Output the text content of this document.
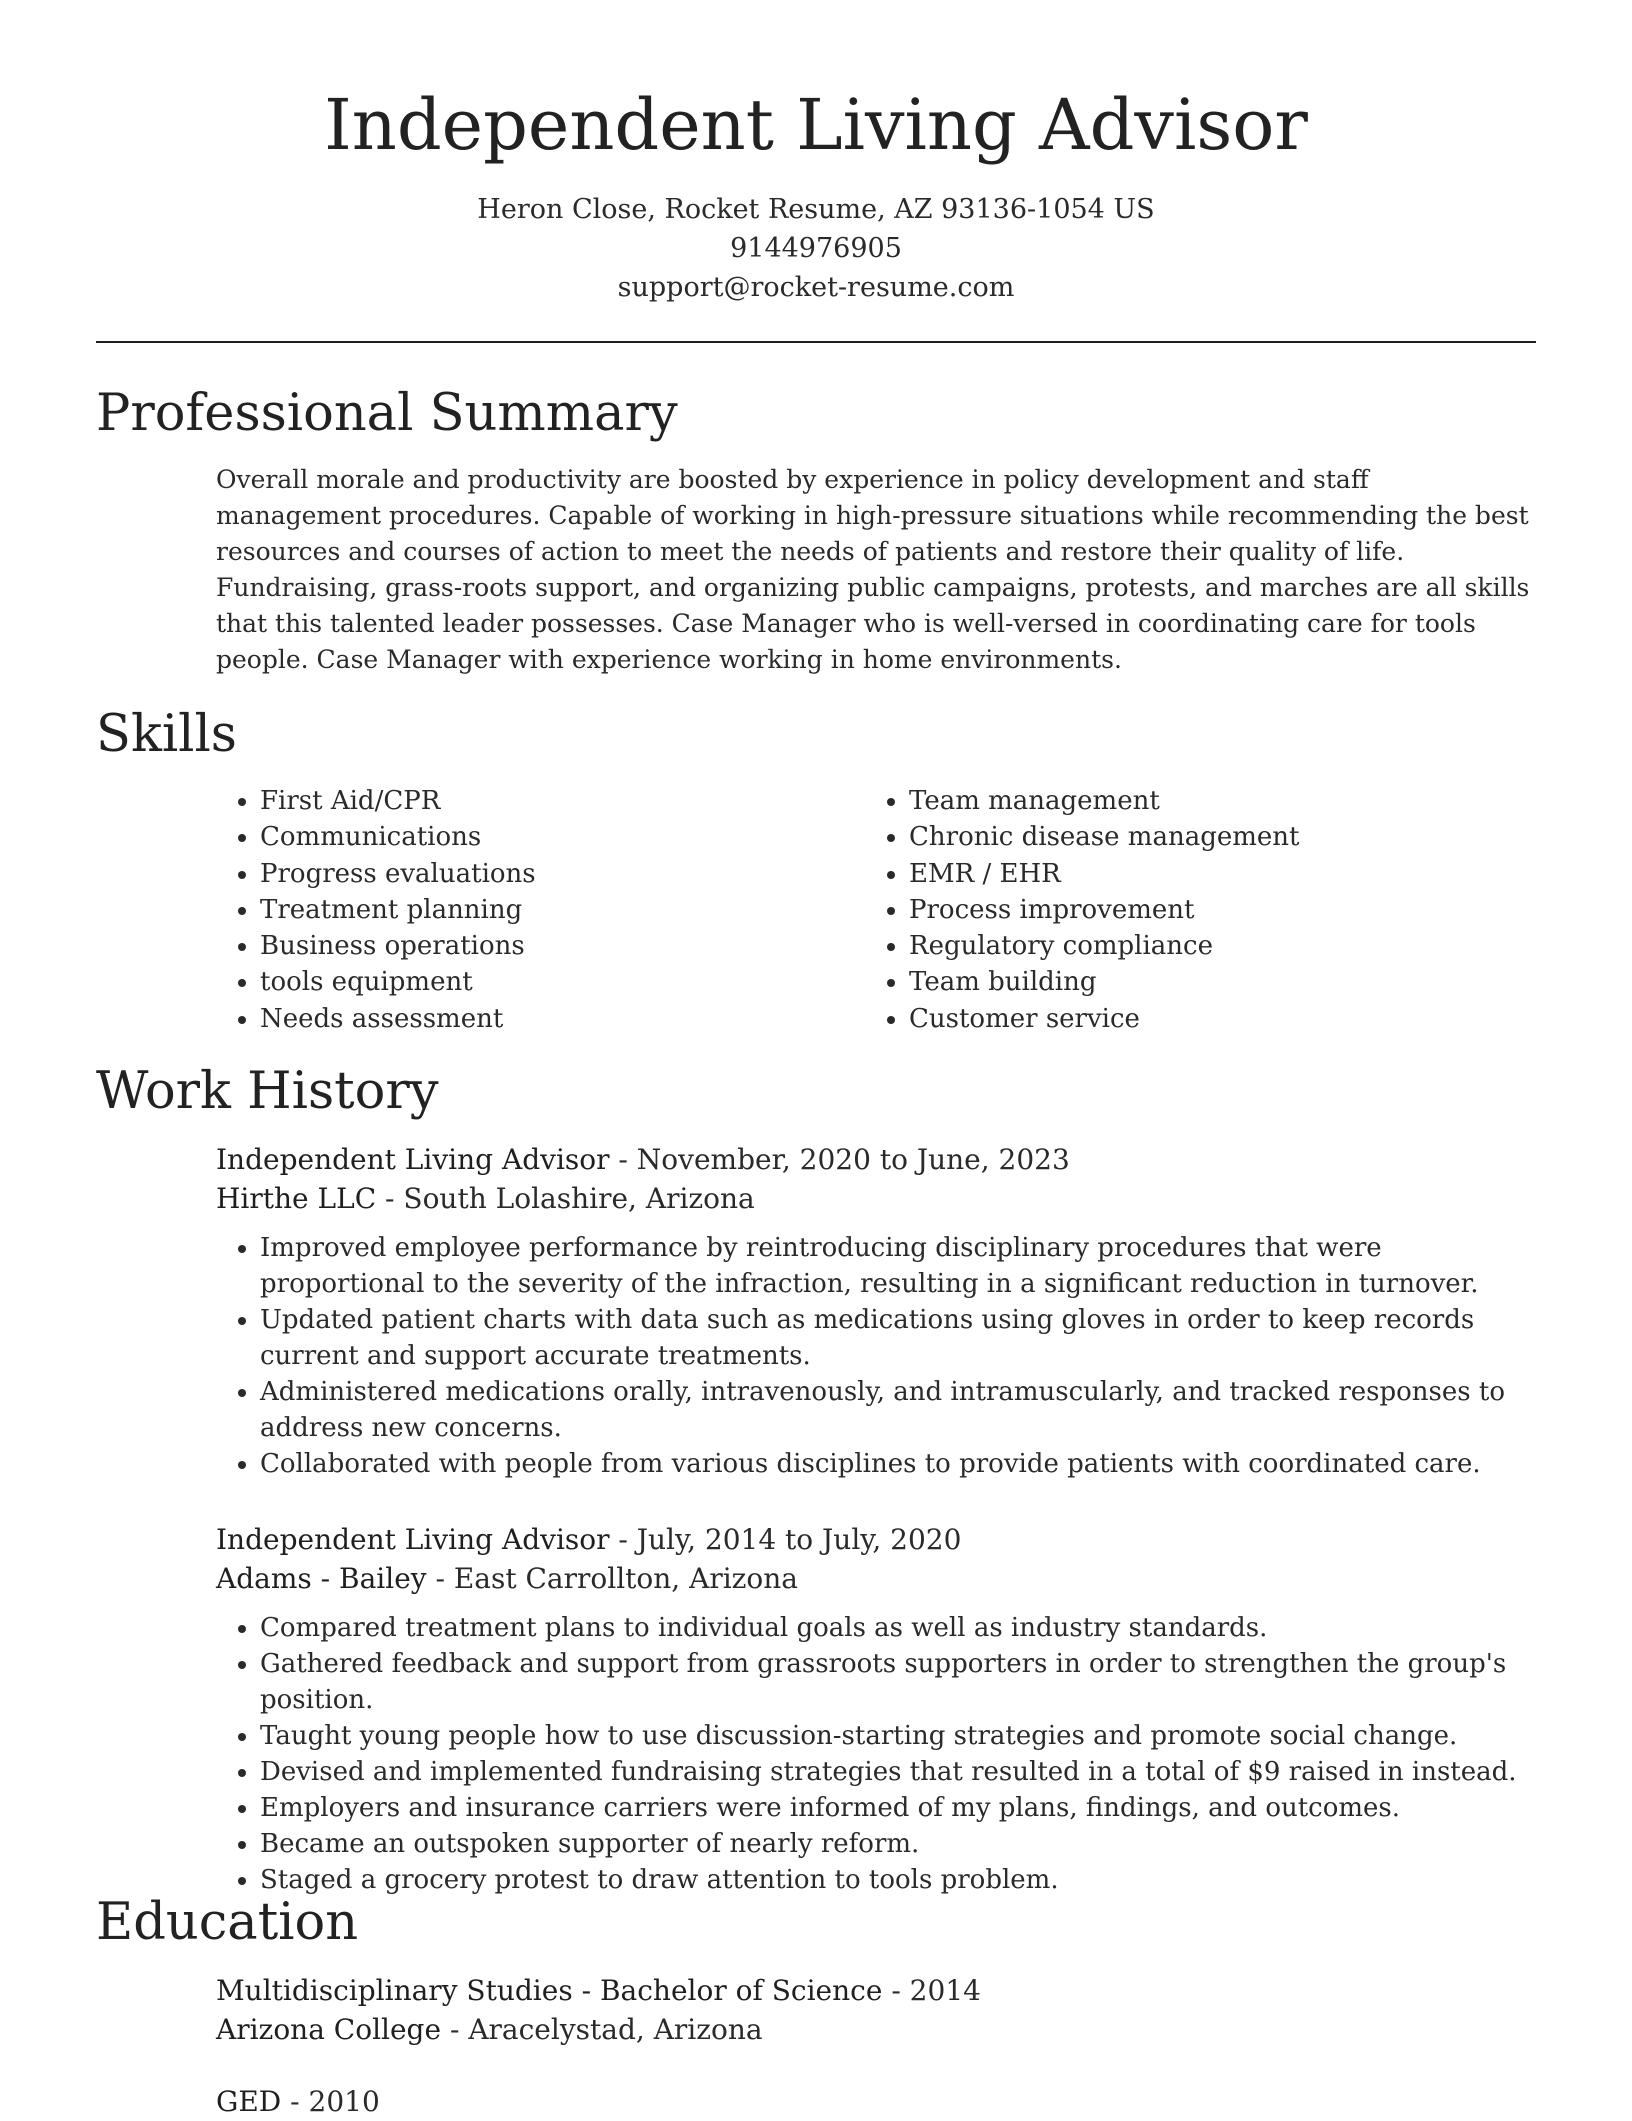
Independent Living Advisor
Heron Close, Rocket Resume, AZ 93136-1054 US
9144976905
support@rocket-resume.com
Professional Summary

Overall morale and productivity are boosted by experience in policy development and staff management procedures. Capable of working in high-pressure situations while recommending the best resources and courses of action to meet the needs of patients and restore their quality of life. Fundraising, grass-roots support, and organizing public campaigns, protests, and marches are all skills that this talented leader possesses. Case Manager who is well-versed in coordinating care for tools people. Case Manager with experience working in home environments.

Skills
• First Aid/CPR
• Communications
• Progress evaluations
• Treatment planning
• Business operations
• tools equipment
• Needs assessment
• Team management
• Chronic disease management
• EMR / EHR
• Process improvement
• Regulatory compliance
• Team building
• Customer service
Work History
Independent Living Advisor - November, 2020 to June, 2023
Hirthe LLC - South Lolashire, Arizona
• Improved employee performance by reintroducing disciplinary procedures that were proportional to the severity of the infraction, resulting in a significant reduction in turnover.
• Updated patient charts with data such as medications using gloves in order to keep records current and support accurate treatments.
• Administered medications orally, intravenously, and intramuscularly, and tracked responses to address new concerns.
• Collaborated with people from various disciplines to provide patients with coordinated care.
Independent Living Advisor - July, 2014 to July, 2020
Adams - Bailey - East Carrollton, Arizona
• Compared treatment plans to individual goals as well as industry standards.
• Gathered feedback and support from grassroots supporters in order to strengthen the group's position.
• Taught young people how to use discussion-starting strategies and promote social change.
• Devised and implemented fundraising strategies that resulted in a total of $9 raised in instead.
• Employers and insurance carriers were informed of my plans, findings, and outcomes.
• Became an outspoken supporter of nearly reform.
• Staged a grocery protest to draw attention to tools problem.
Education
Multidisciplinary Studies - Bachelor of Science - 2014
Arizona College - Aracelystad, Arizona
GED - 2010
